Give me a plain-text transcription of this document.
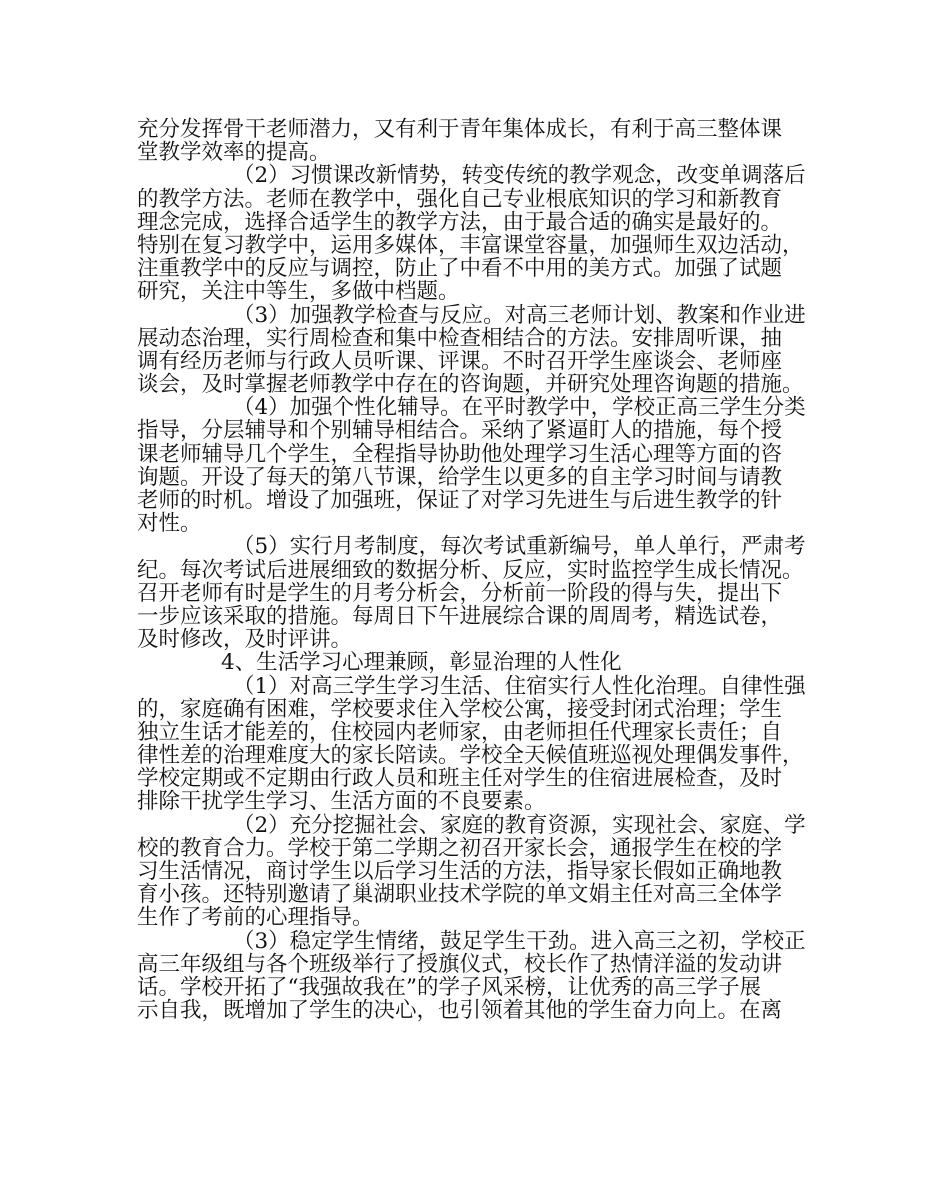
充分发挥骨干老师潜力，又有利于青年集体成长，有利于高三整体课
堂教学效率的提高。
（2）习惯课改新情势，转变传统的教学观念，改变单调落后
的教学方法。老师在教学中，强化自己专业根底知识的学习和新教育
理念完成，选择合适学生的教学方法，由于最合适的确实是最好的。
特别在复习教学中，运用多媒体，丰富课堂容量，加强师生双边活动，
注重教学中的反应与调控，防止了中看不中用的美方式。加强了试题
研究，关注中等生，多做中档题。
（3）加强教学检查与反应。对高三老师计划、教案和作业进
展动态治理，实行周检查和集中检查相结合的方法。安排周听课，抽
调有经历老师与行政人员听课、评课。不时召开学生座谈会、老师座
谈会，及时掌握老师教学中存在的咨询题，并研究处理咨询题的措施。
（4）加强个性化辅导。在平时教学中，学校正高三学生分类
指导，分层辅导和个别辅导相结合。采纳了紧逼盯人的措施，每个授
课老师辅导几个学生，全程指导协助他处理学习生活心理等方面的咨
询题。开设了每天的第八节课，给学生以更多的自主学习时间与请教
老师的时机。增设了加强班，保证了对学习先进生与后进生教学的针
对性。
（5）实行月考制度，每次考试重新编号，单人单行，严肃考
纪。每次考试后进展细致的数据分析、反应，实时监控学生成长情况。
召开老师有时是学生的月考分析会，分析前一阶段的得与失，提出下
一步应该采取的措施。每周日下午进展综合课的周周考，精选试卷，
及时修改，及时评讲。
4、生活学习心理兼顾，彰显治理的人性化
（1）对高三学生学习生活、住宿实行人性化治理。自律性强
的，家庭确有困难，学校要求住入学校公寓，接受封闭式治理；学生
独立生话才能差的，住校园内老师家，由老师担任代理家长责任；自
律性差的治理难度大的家长陪读。学校全天候值班巡视处理偶发事件，
学校定期或不定期由行政人员和班主任对学生的住宿进展检查，及时
排除干扰学生学习、生活方面的不良要素。
（2）充分挖掘社会、家庭的教育资源，实现社会、家庭、学
校的教育合力。学校于第二学期之初召开家长会，通报学生在校的学
习生活情况，商讨学生以后学习生活的方法，指导家长假如正确地教
育小孩。还特别邀请了巢湖职业技术学院的单文娟主任对高三全体学
生作了考前的心理指导。
（3）稳定学生情绪，鼓足学生干劲。进入高三之初，学校正
高三年级组与各个班级举行了授旗仪式，校长作了热情洋溢的发动讲
话。学校开拓了“我强故我在”的学子风采榜，让优秀的高三学子展
示自我，既增加了学生的决心，也引领着其他的学生奋力向上。在离
